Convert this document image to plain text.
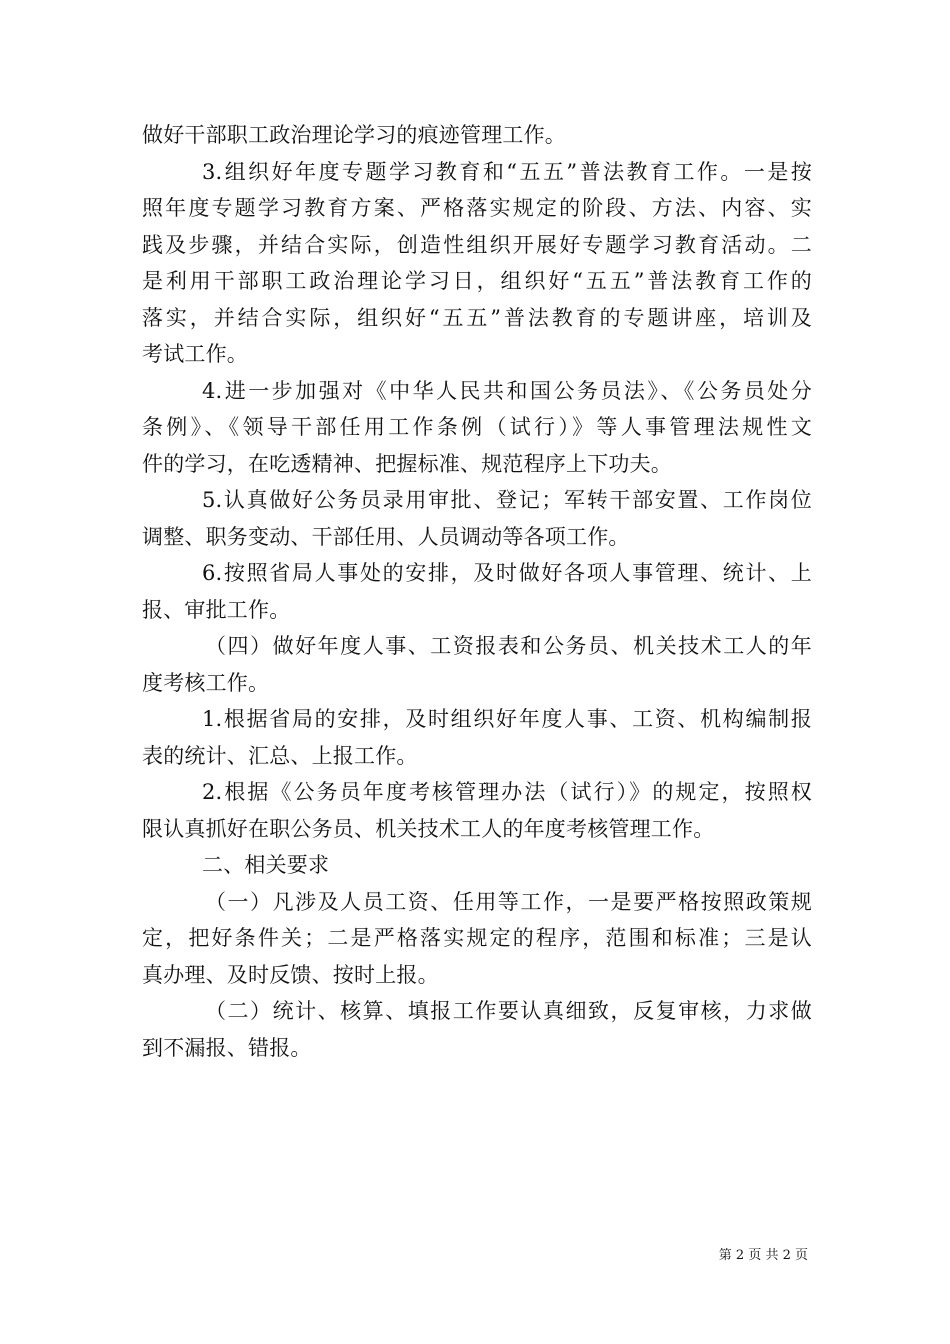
做好干部职工政治理论学习的痕迹管理工作。
3.组织好年度专题学习教育和“五五”普法教育工作。一是按
照年度专题学习教育方案、严格落实规定的阶段、方法、内容、实
践及步骤，并结合实际，创造性组织开展好专题学习教育活动。二
是利用干部职工政治理论学习日，组织好“五五”普法教育工作的
落实，并结合实际，组织好“五五”普法教育的专题讲座，培训及
考试工作。
4.进一步加强对《中华人民共和国公务员法》、《公务员处分
条例》、《领导干部任用工作条例（试行）》等人事管理法规性文
件的学习，在吃透精神、把握标准、规范程序上下功夫。
5.认真做好公务员录用审批、登记；军转干部安置、工作岗位
调整、职务变动、干部任用、人员调动等各项工作。
6.按照省局人事处的安排，及时做好各项人事管理、统计、上
报、审批工作。
（四）做好年度人事、工资报表和公务员、机关技术工人的年
度考核工作。
1.根据省局的安排，及时组织好年度人事、工资、机构编制报
表的统计、汇总、上报工作。
2.根据《公务员年度考核管理办法（试行）》的规定，按照权
限认真抓好在职公务员、机关技术工人的年度考核管理工作。
二、相关要求
（一）凡涉及人员工资、任用等工作，一是要严格按照政策规
定，把好条件关；二是严格落实规定的程序，范围和标准；三是认
真办理、及时反馈、按时上报。
（二）统计、核算、填报工作要认真细致，反复审核，力求做
到不漏报、错报。
第 2 页 共 2 页
